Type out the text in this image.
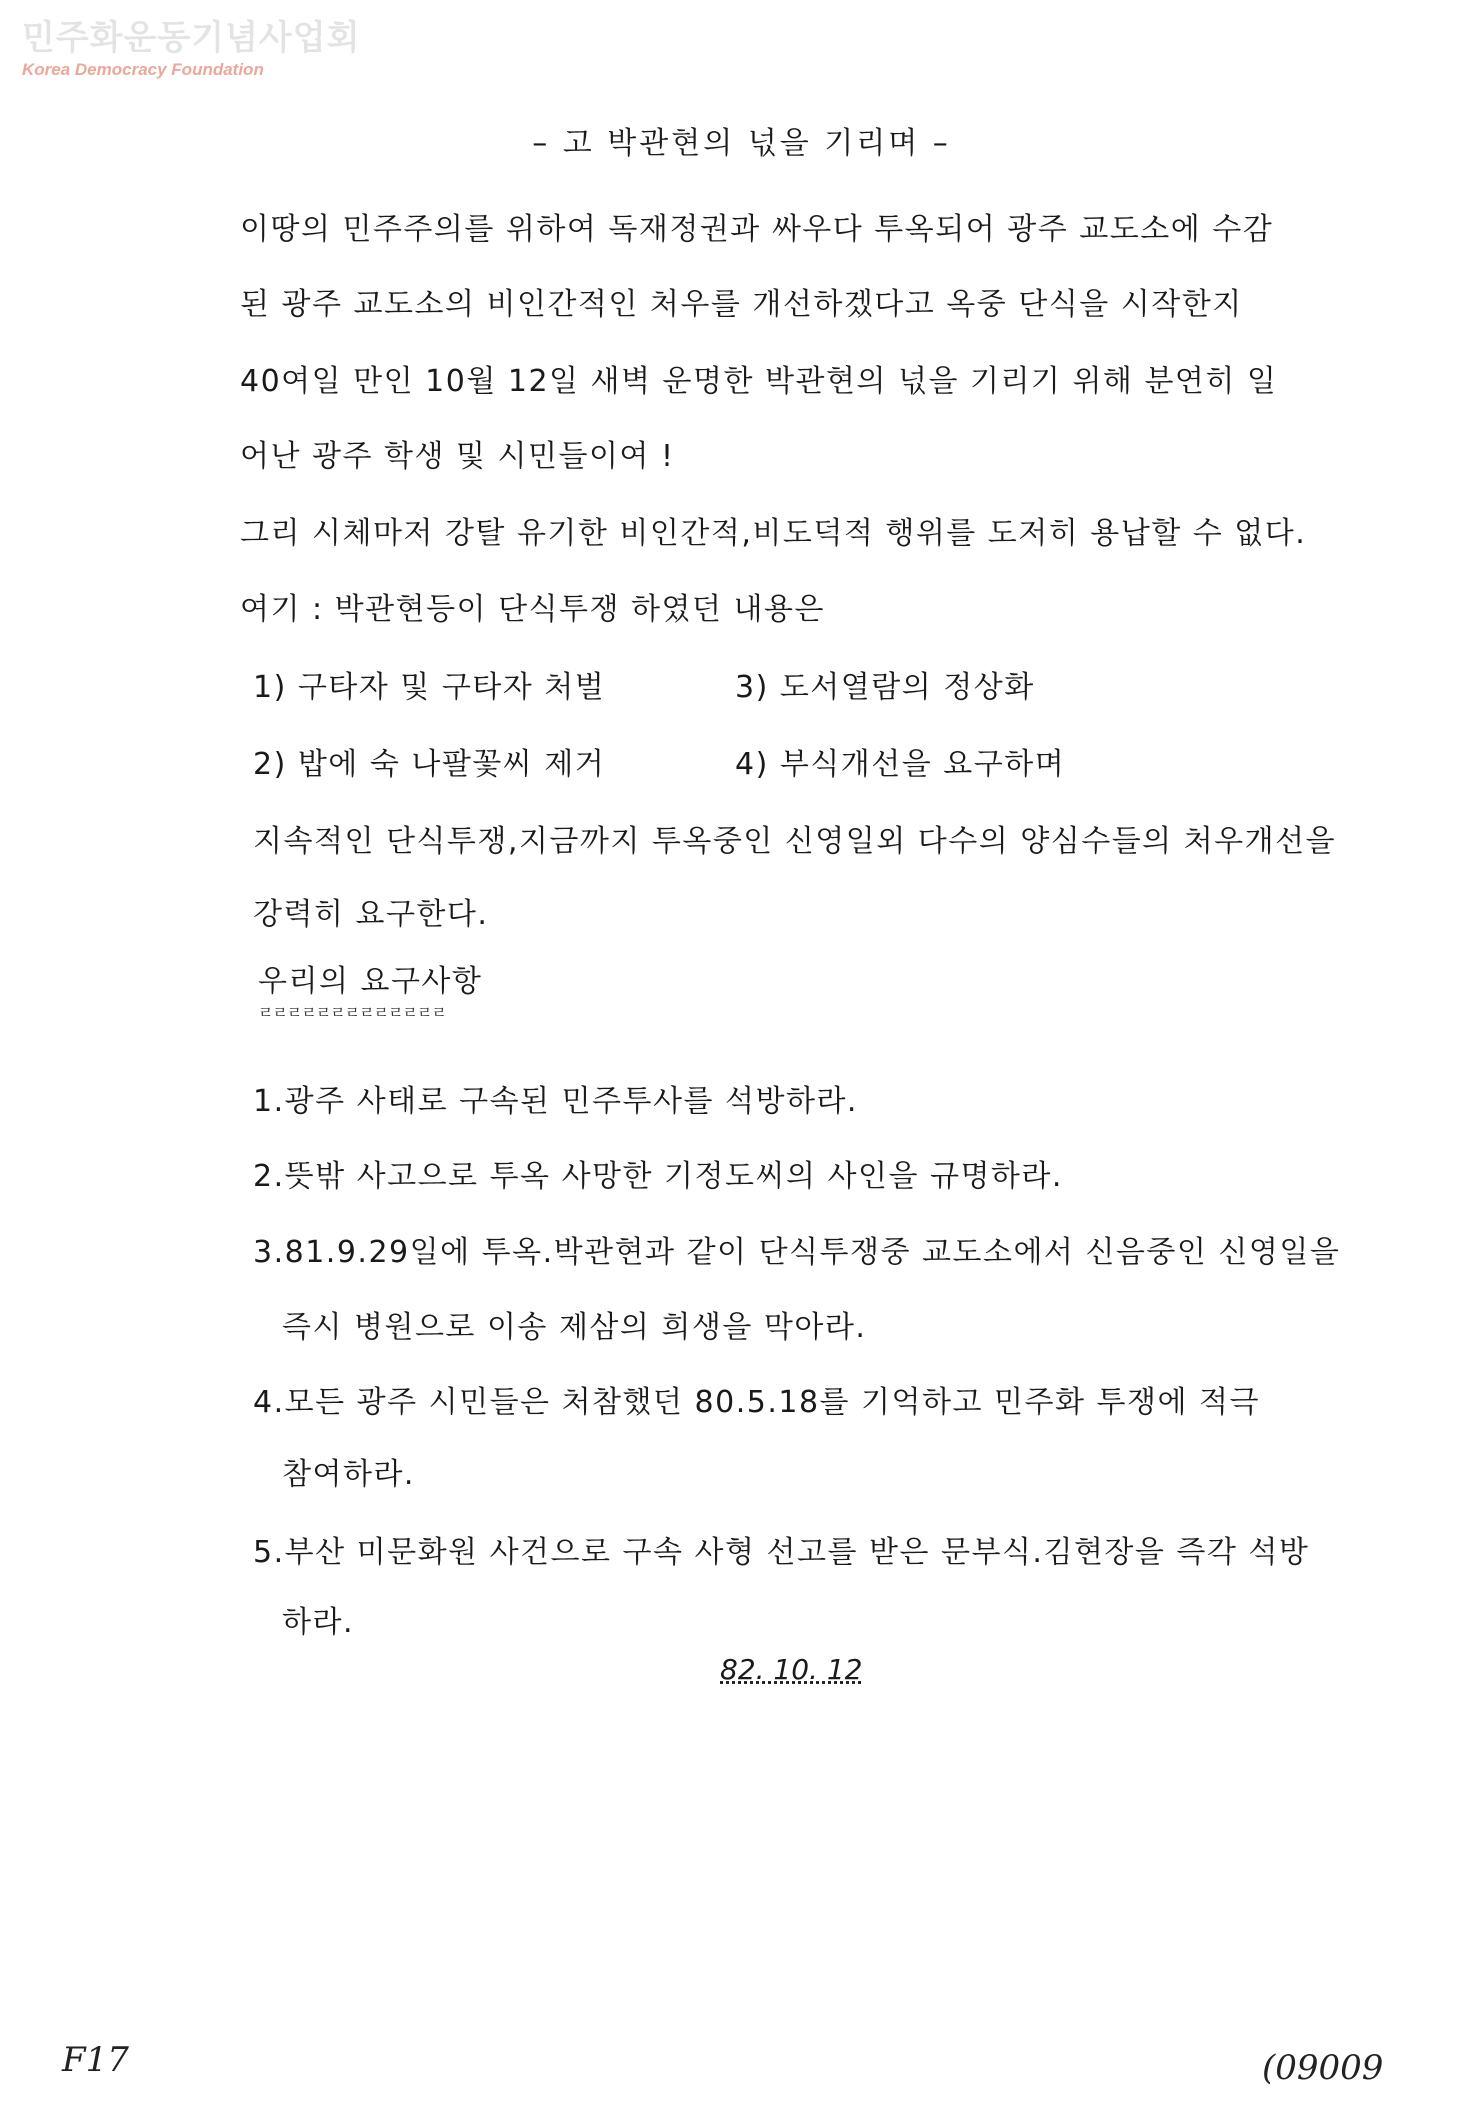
민주화운동기념사업회
Korea Democracy Foundation
– 고 박관현의 넋을 기리며 –
이땅의 민주주의를 위하여 독재정권과 싸우다 투옥되어 광주 교도소에 수감
된 광주 교도소의 비인간적인 처우를 개선하겠다고 옥중 단식을 시작한지
40여일 만인 10월 12일 새벽 운명한 박관현의 넋을 기리기 위해 분연히 일
어난 광주 학생 및 시민들이여 !
그리 시체마저 강탈 유기한 비인간적,비도덕적 행위를 도저히 용납할 수 없다.
여기 : 박관현등이 단식투쟁 하였던 내용은
1) 구타자 및 구타자 처벌	3) 도서열람의 정상화
2) 밥에 숙 나팔꽃씨 제거	4) 부식개선을 요구하며
지속적인 단식투쟁,지금까지 투옥중인 신영일외 다수의 양심수들의 처우개선을
강력히 요구한다.
우리의 요구사항
ㄹㄹㄹㄹㄹㄹㄹㄹㄹㄹㄹㄹㄹ
1.광주 사태로 구속된 민주투사를 석방하라.
2.뜻밖 사고으로 투옥 사망한 기정도씨의 사인을 규명하라.
3.81.9.29일에 투옥.박관현과 같이 단식투쟁중 교도소에서 신음중인 신영일을
즉시 병원으로 이송 제삼의 희생을 막아라.
4.모든 광주 시민들은 처참했던 80.5.18를 기억하고 민주화 투쟁에 적극
참여하라.
5.부산 미문화원 사건으로 구속 사형 선고를 받은 문부식.김현장을 즉각 석방
하라.
82. 10. 12
F17	(09009
